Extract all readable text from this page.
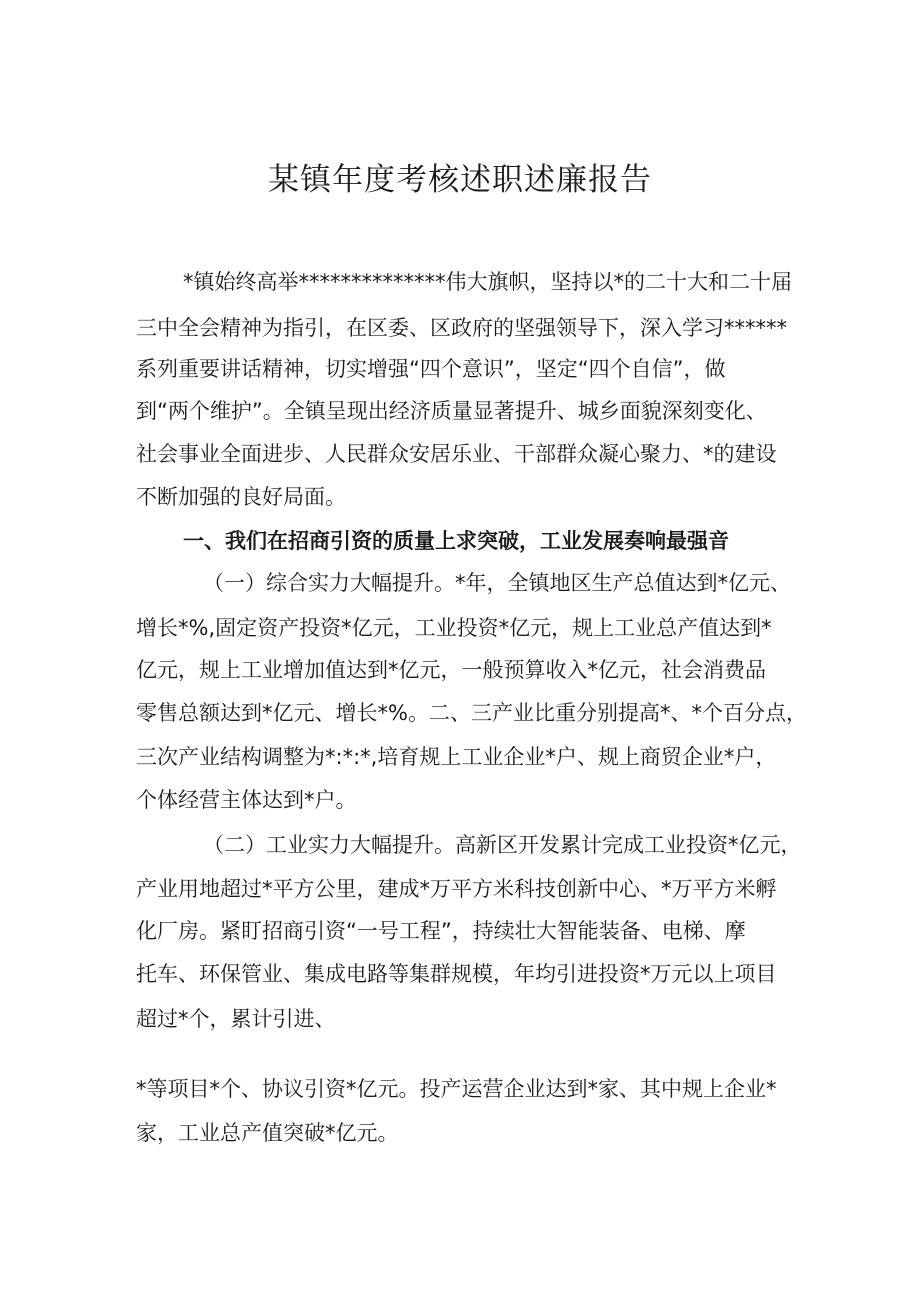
某镇年度考核述职述廉报告
*镇始终高举**************伟大旗帜，坚持以*的二十大和二十届
三中全会精神为指引，在区委、区政府的坚强领导下，深入学习******
系列重要讲话精神，切实增强“四个意识”，坚定“四个自信”，做
到“两个维护”。全镇呈现出经济质量显著提升、城乡面貌深刻变化、
社会事业全面进步、人民群众安居乐业、干部群众凝心聚力、*的建设
不断加强的良好局面。
一、我们在招商引资的质量上求突破，工业发展奏响最强音
（一）综合实力大幅提升。*年，全镇地区生产总值达到*亿元、
增长*%,固定资产投资*亿元，工业投资*亿元，规上工业总产值达到*
亿元，规上工业增加值达到*亿元，一般预算收入*亿元，社会消费品
零售总额达到*亿元、增长*%。二、三产业比重分别提高*、*个百分点，
三次产业结构调整为*:*:*,培育规上工业企业*户、规上商贸企业*户，
个体经营主体达到*户。
（二）工业实力大幅提升。高新区开发累计完成工业投资*亿元，
产业用地超过*平方公里，建成*万平方米科技创新中心、*万平方米孵
化厂房。紧盯招商引资“一号工程”，持续壮大智能装备、电梯、摩
托车、环保管业、集成电路等集群规模，年均引进投资*万元以上项目
超过*个，累计引进、
*等项目*个、协议引资*亿元。投产运营企业达到*家、其中规上企业*
家，工业总产值突破*亿元。
